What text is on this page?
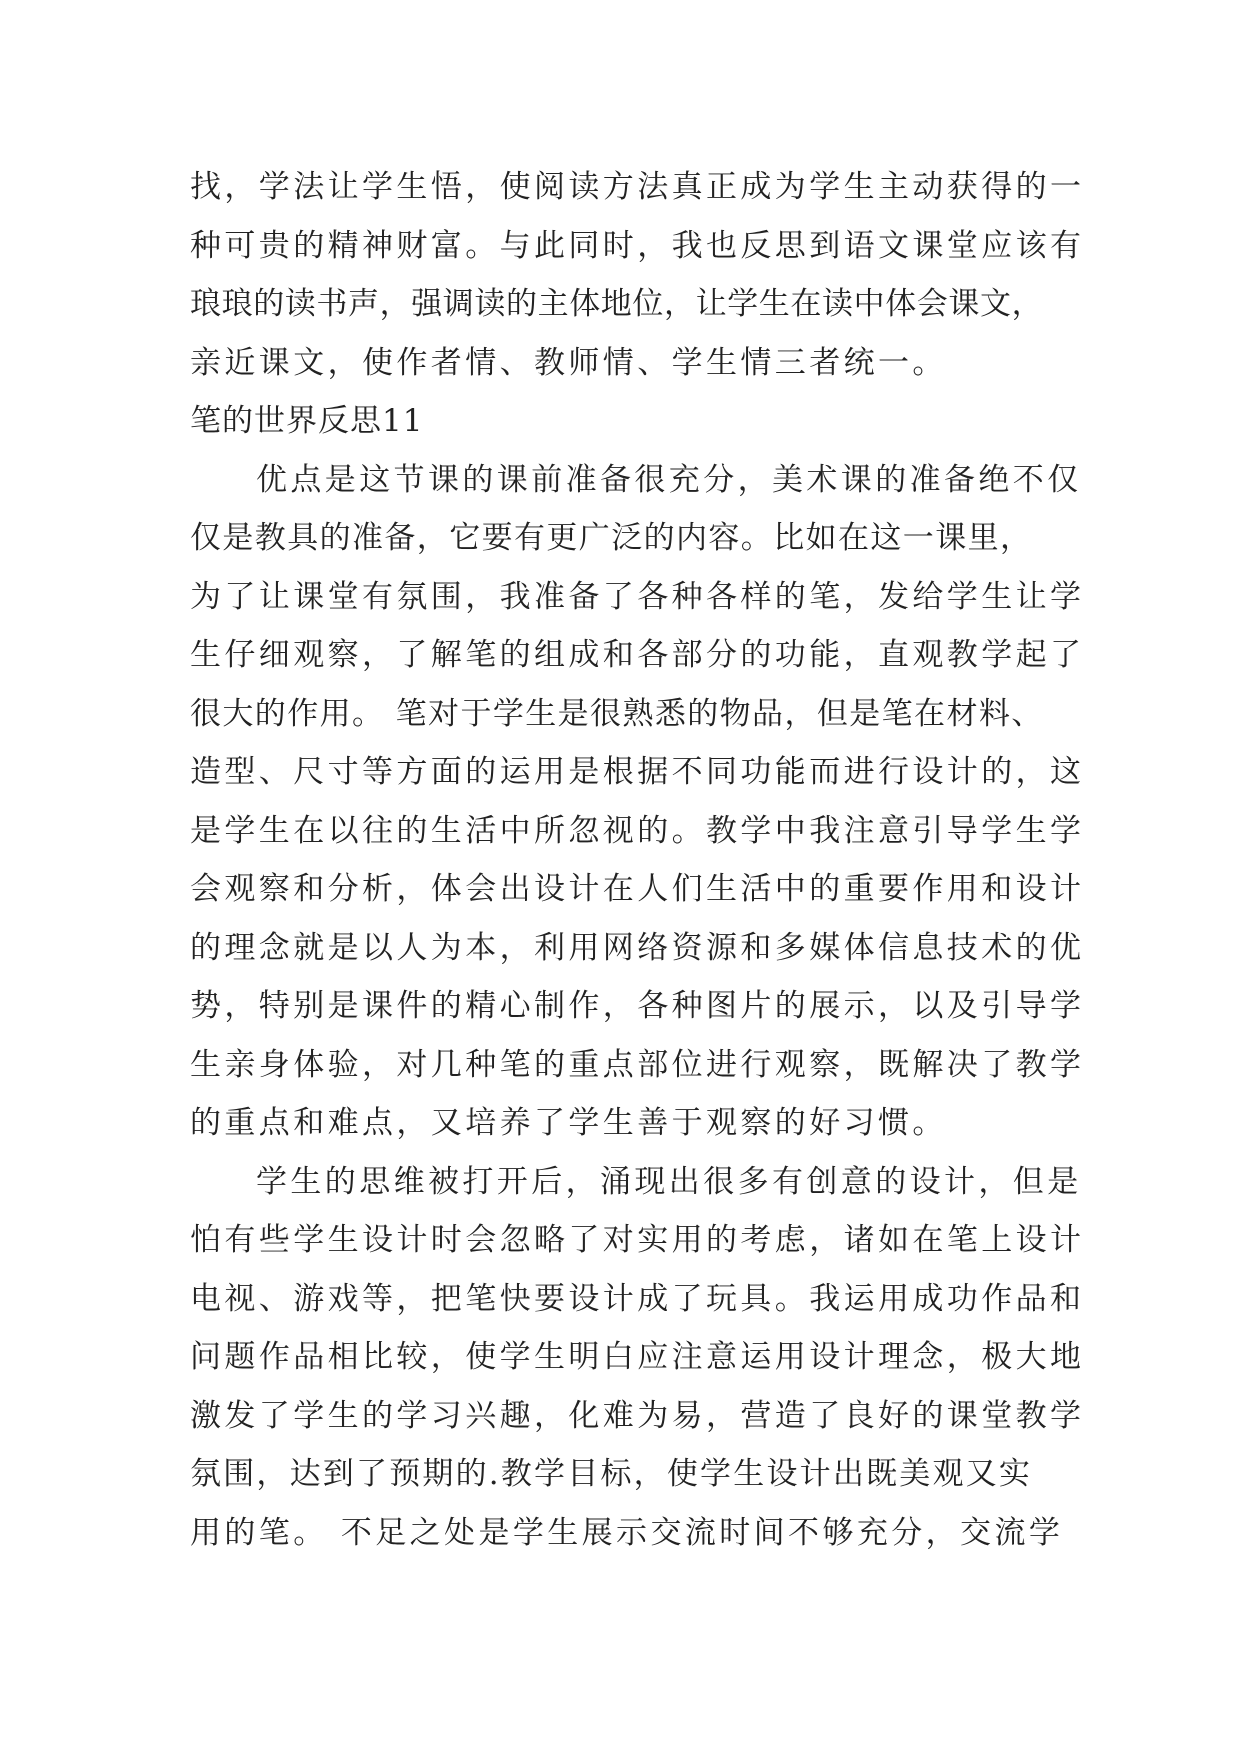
找，学法让学生悟，使阅读方法真正成为学生主动获得的一
种可贵的精神财富。与此同时，我也反思到语文课堂应该有
琅琅的读书声，强调读的主体地位，让学生在读中体会课文，
亲近课文，使作者情、教师情、学生情三者统一。
笔的世界反思11
优点是这节课的课前准备很充分，美术课的准备绝不仅
仅是教具的准备，它要有更广泛的内容。比如在这一课里，
为了让课堂有氛围，我准备了各种各样的笔，发给学生让学
生仔细观察，了解笔的组成和各部分的功能，直观教学起了
很大的作用。 笔对于学生是很熟悉的物品，但是笔在材料、
造型、尺寸等方面的运用是根据不同功能而进行设计的，这
是学生在以往的生活中所忽视的。教学中我注意引导学生学
会观察和分析，体会出设计在人们生活中的重要作用和设计
的理念就是以人为本，利用网络资源和多媒体信息技术的优
势，特别是课件的精心制作，各种图片的展示，以及引导学
生亲身体验，对几种笔的重点部位进行观察，既解决了教学
的重点和难点，又培养了学生善于观察的好习惯。
学生的思维被打开后，涌现出很多有创意的设计，但是
怕有些学生设计时会忽略了对实用的考虑，诸如在笔上设计
电视、游戏等，把笔快要设计成了玩具。我运用成功作品和
问题作品相比较，使学生明白应注意运用设计理念，极大地
激发了学生的学习兴趣，化难为易，营造了良好的课堂教学
氛围，达到了预期的.教学目标，使学生设计出既美观又实
用的笔。 不足之处是学生展示交流时间不够充分，交流学
